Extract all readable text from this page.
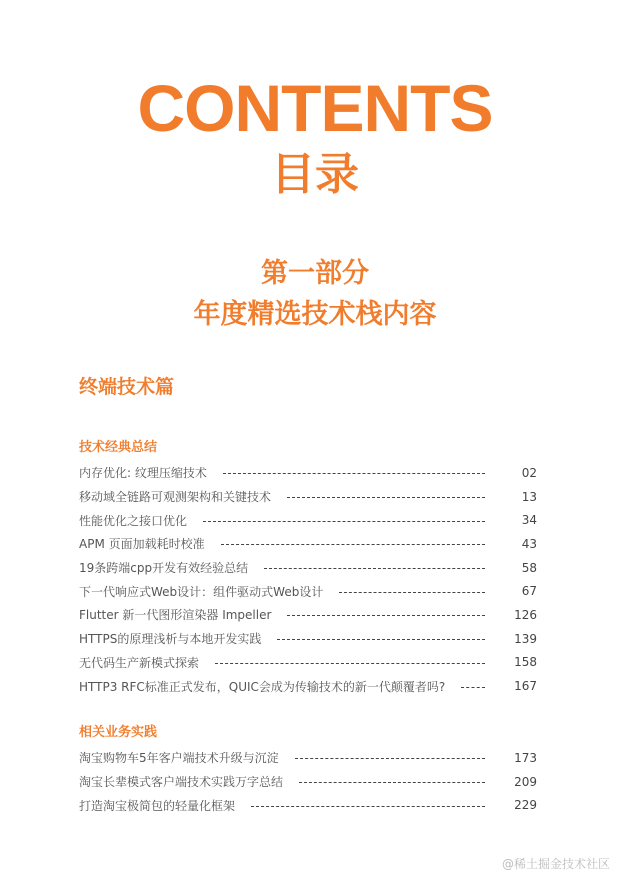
CONTENTS
目录
第一部分
年度精选技术栈内容
终端技术篇
技术经典总结
内存优化: 纹理压缩技术	02
移动域全链路可观测架构和关键技术	13
性能优化之接口优化	34
APM 页面加载耗时校准	43
19条跨端cpp开发有效经验总结	58
下一代响应式Web设计：组件驱动式Web设计	67
Flutter 新一代图形渲染器 Impeller	126
HTTPS的原理浅析与本地开发实践	139
无代码生产新模式探索	158
HTTP3 RFC标准正式发布，QUIC会成为传输技术的新一代颠覆者吗?	167
相关业务实践
淘宝购物车5年客户端技术升级与沉淀	173
淘宝长辈模式客户端技术实践万字总结	209
打造淘宝极简包的轻量化框架	229
@稀土掘金技术社区
